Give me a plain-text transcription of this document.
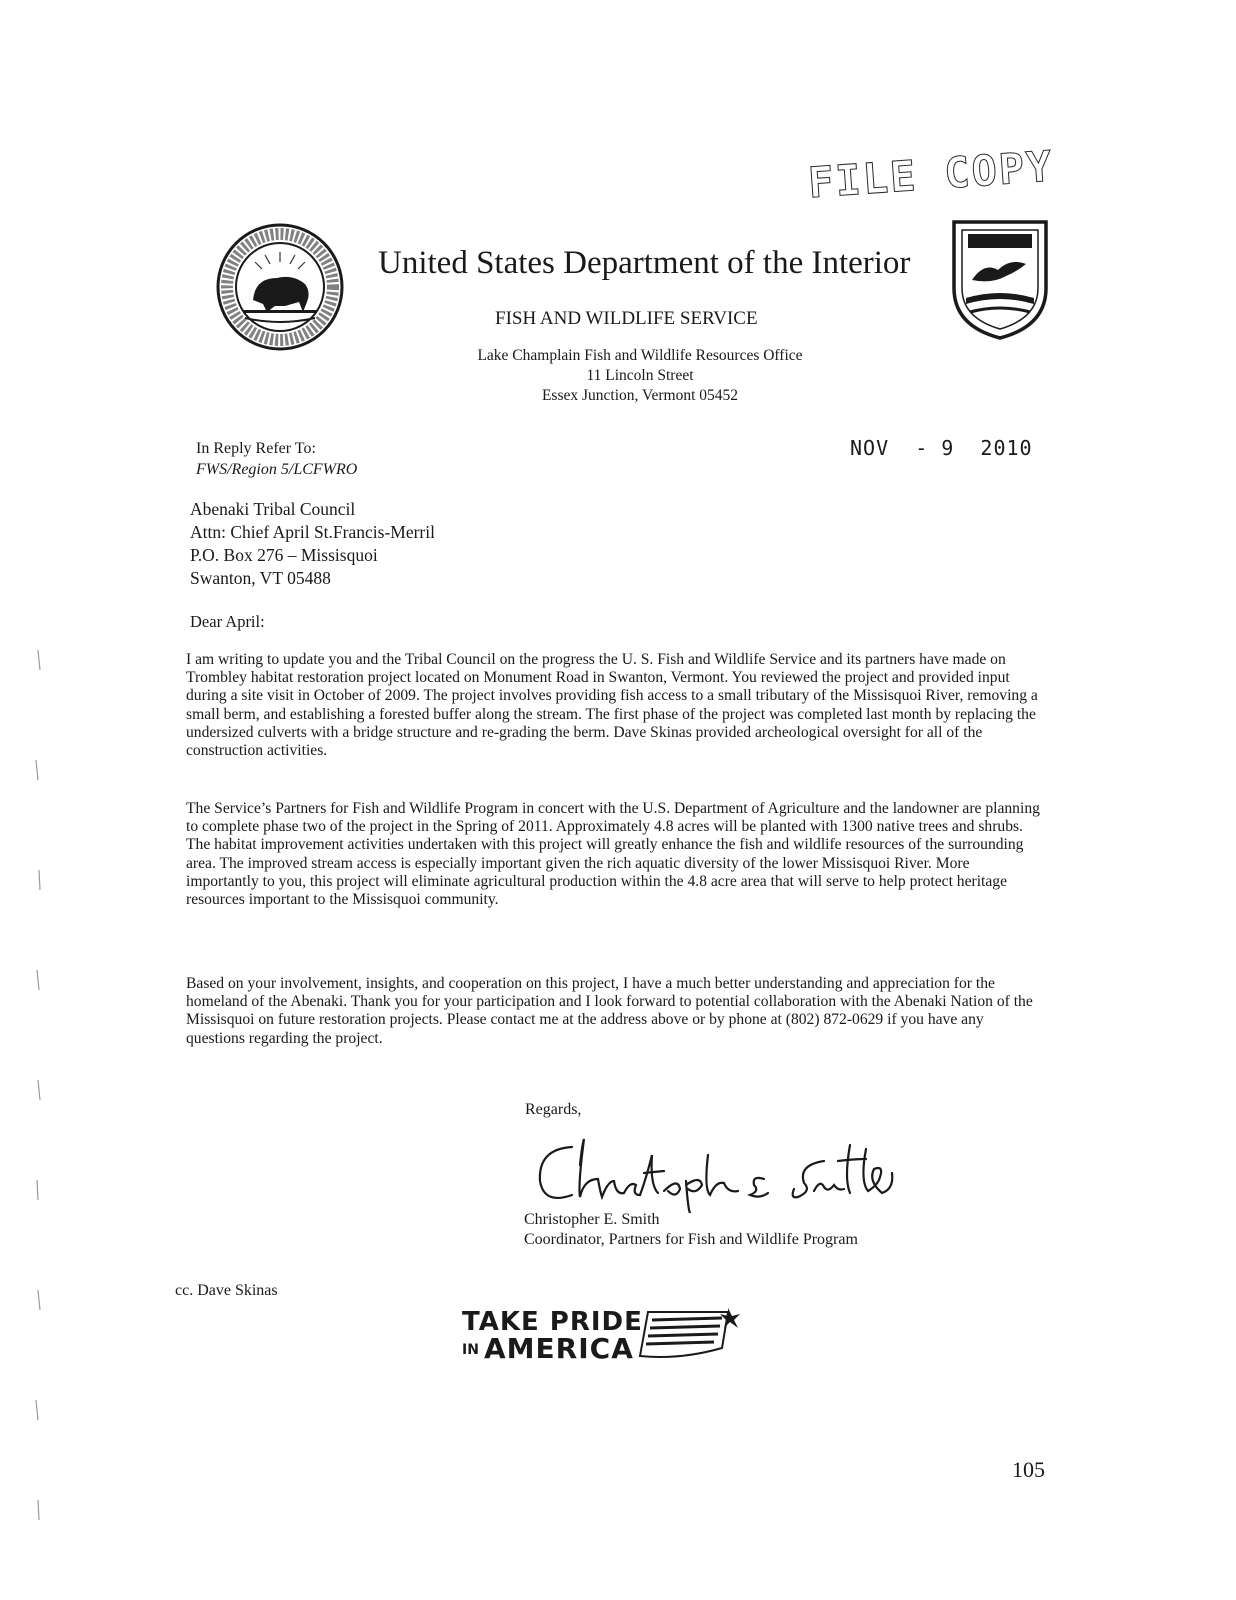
FILE COPY
United States Department of the Interior
FISH AND WILDLIFE SERVICE
Lake Champlain Fish and Wildlife Resources Office
11 Lincoln Street
Essex Junction, Vermont 05452
In Reply Refer To:
FWS/Region 5/LCFWRO
NOV  - 9  2010
Abenaki Tribal Council
Attn: Chief April St.Francis-Merril
P.O. Box 276 – Missisquoi
Swanton, VT 05488
Dear April:
I am writing to update you and the Tribal Council on the progress the U. S. Fish and Wildlife Service and its partners have made on Trombley habitat restoration project located on Monument Road in Swanton, Vermont. You reviewed the project and provided input during a site visit in October of 2009. The project involves providing fish access to a small tributary of the Missisquoi River, removing a small berm, and establishing a forested buffer along the stream. The first phase of the project was completed last month by replacing the undersized culverts with a bridge structure and re-grading the berm. Dave Skinas provided archeological oversight for all of the construction activities.
The Service’s Partners for Fish and Wildlife Program in concert with the U.S. Department of Agriculture and the landowner are planning to complete phase two of the project in the Spring of 2011. Approximately 4.8 acres will be planted with 1300 native trees and shrubs. The habitat improvement activities undertaken with this project will greatly enhance the fish and wildlife resources of the surrounding area. The improved stream access is especially important given the rich aquatic diversity of the lower Missisquoi River. More importantly to you, this project will eliminate agricultural production within the 4.8 acre area that will serve to help protect heritage resources important to the Missisquoi community.
Based on your involvement, insights, and cooperation on this project, I have a much better understanding and appreciation for the homeland of the Abenaki. Thank you for your participation and I look forward to potential collaboration with the Abenaki Nation of the Missisquoi on future restoration projects. Please contact me at the address above or by phone at (802) 872-0629 if you have any questions regarding the project.
Regards,
Christopher E. Smith
Coordinator, Partners for Fish and Wildlife Program
cc. Dave Skinas
TAKE PRIDE
IN AMERICA
105
